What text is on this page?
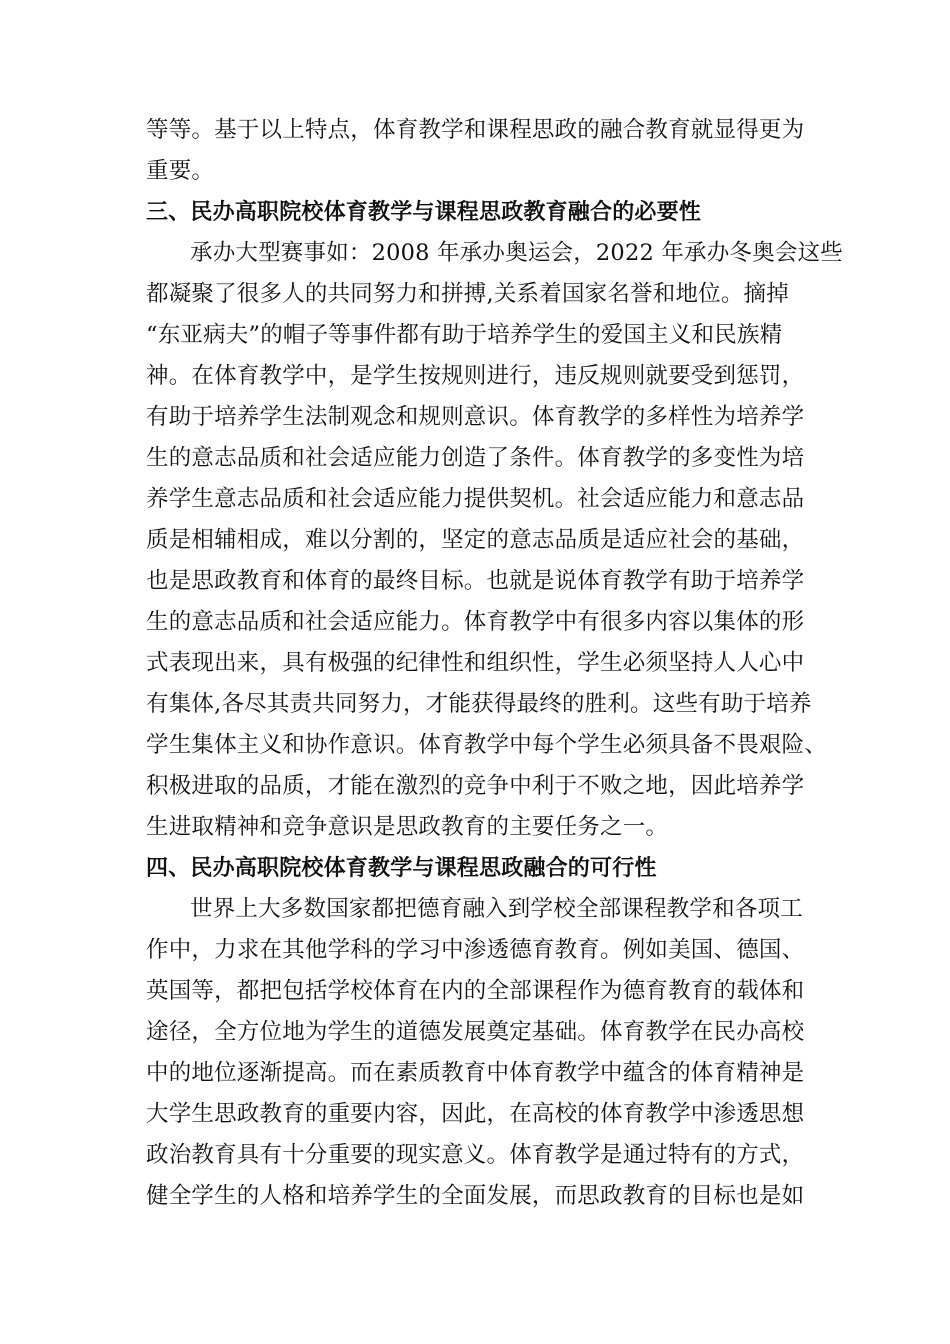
等等。基于以上特点，体育教学和课程思政的融合教育就显得更为
重要。
三、民办高职院校体育教学与课程思政教育融合的必要性
承办大型赛事如：2008 年承办奥运会，2022 年承办冬奥会这些
都凝聚了很多人的共同努力和拼搏,关系着国家名誉和地位。摘掉
“东亚病夫”的帽子等事件都有助于培养学生的爱国主义和民族精
神。在体育教学中，是学生按规则进行，违反规则就要受到惩罚，
有助于培养学生法制观念和规则意识。体育教学的多样性为培养学
生的意志品质和社会适应能力创造了条件。体育教学的多变性为培
养学生意志品质和社会适应能力提供契机。社会适应能力和意志品
质是相辅相成，难以分割的，坚定的意志品质是适应社会的基础，
也是思政教育和体育的最终目标。也就是说体育教学有助于培养学
生的意志品质和社会适应能力。体育教学中有很多内容以集体的形
式表现出来，具有极强的纪律性和组织性，学生必须坚持人人心中
有集体,各尽其责共同努力，才能获得最终的胜利。这些有助于培养
学生集体主义和协作意识。体育教学中每个学生必须具备不畏艰险、
积极进取的品质，才能在激烈的竞争中利于不败之地，因此培养学
生进取精神和竞争意识是思政教育的主要任务之一。
四、民办高职院校体育教学与课程思政融合的可行性
世界上大多数国家都把德育融入到学校全部课程教学和各项工
作中，力求在其他学科的学习中渗透德育教育。例如美国、德国、
英国等，都把包括学校体育在内的全部课程作为德育教育的载体和
途径，全方位地为学生的道德发展奠定基础。体育教学在民办高校
中的地位逐渐提高。而在素质教育中体育教学中蕴含的体育精神是
大学生思政教育的重要内容，因此，在高校的体育教学中渗透思想
政治教育具有十分重要的现实意义。体育教学是通过特有的方式，
健全学生的人格和培养学生的全面发展，而思政教育的目标也是如
